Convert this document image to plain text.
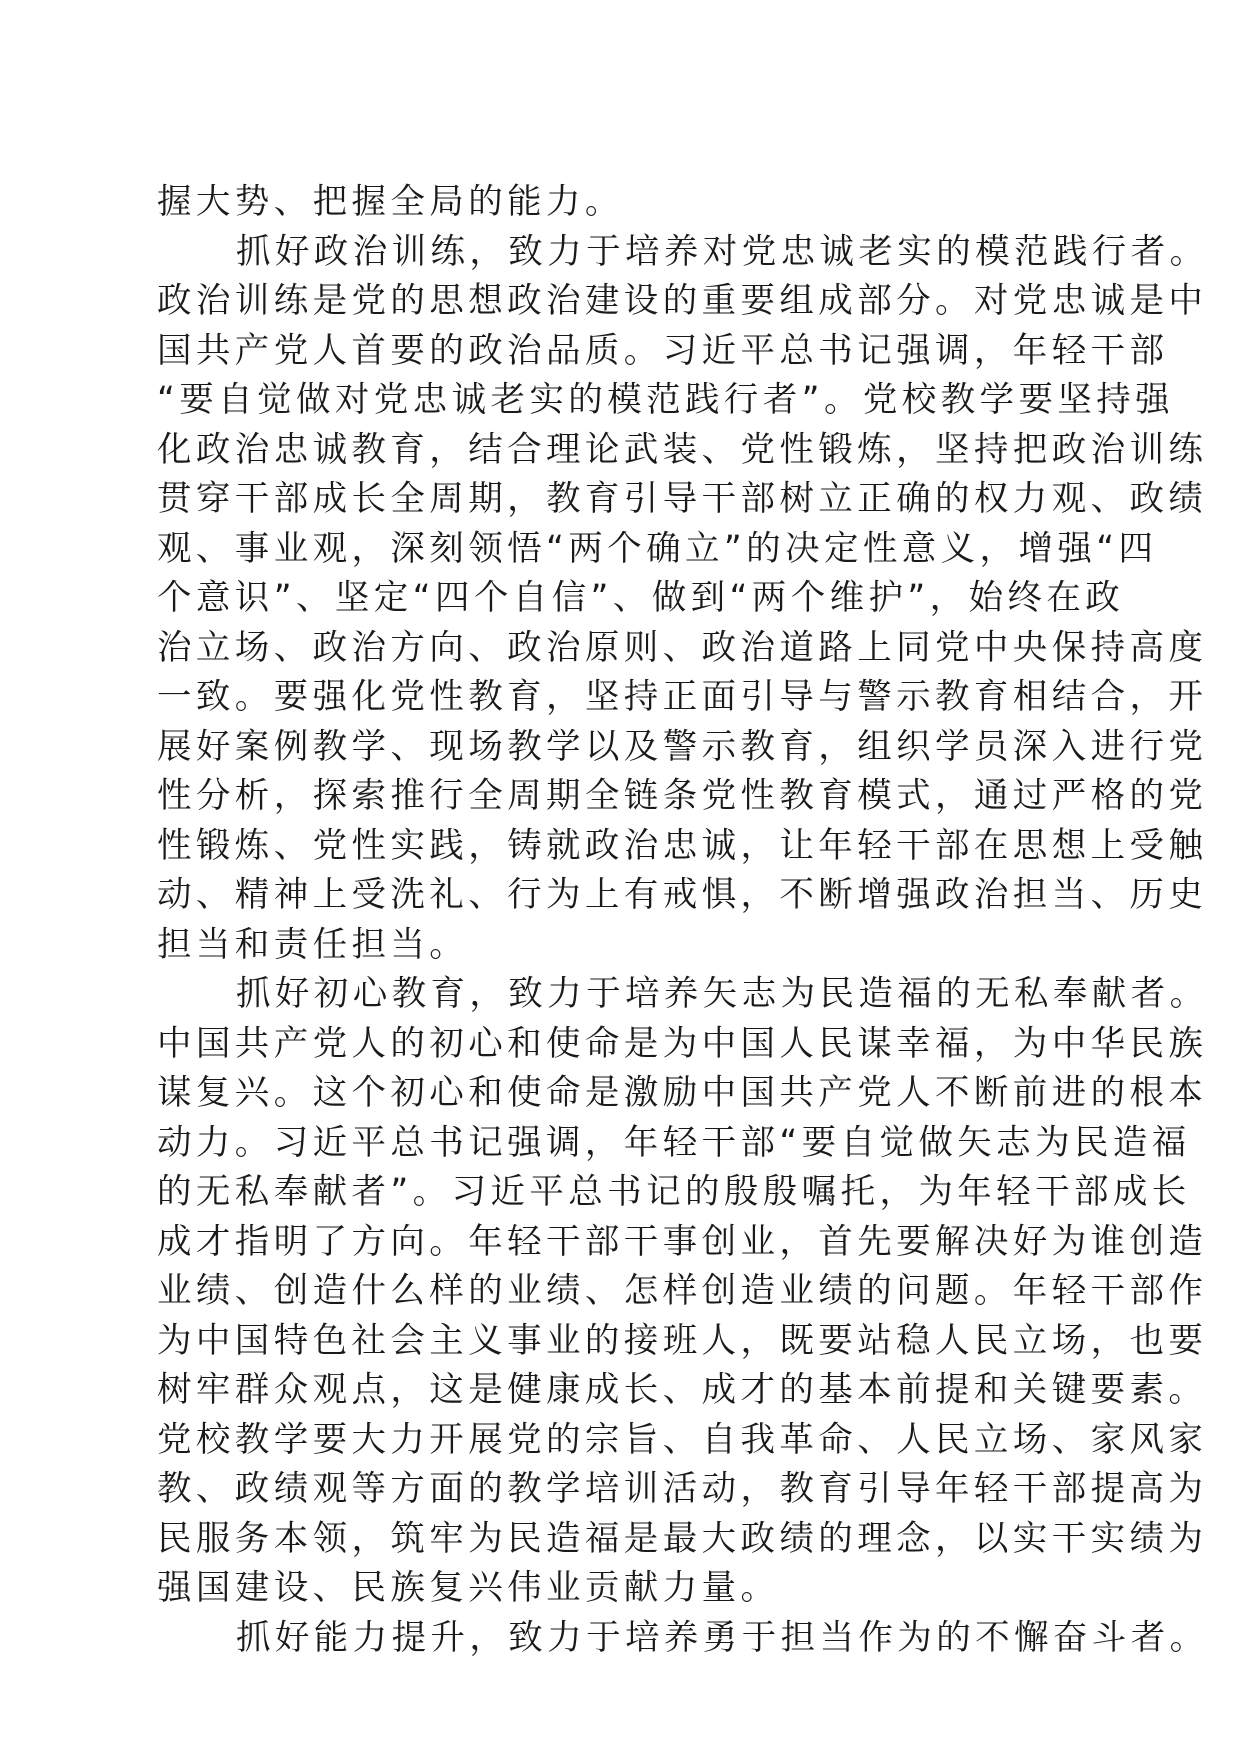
握大势、把握全局的能力。
抓好政治训练，致力于培养对党忠诚老实的模范践行者。
政治训练是党的思想政治建设的重要组成部分。对党忠诚是中
国共产党人首要的政治品质。习近平总书记强调，年轻干部
“要自觉做对党忠诚老实的模范践行者”。党校教学要坚持强
化政治忠诚教育，结合理论武装、党性锻炼，坚持把政治训练
贯穿干部成长全周期，教育引导干部树立正确的权力观、政绩
观、事业观，深刻领悟“两个确立”的决定性意义，增强“四
个意识”、坚定“四个自信”、做到“两个维护”，始终在政
治立场、政治方向、政治原则、政治道路上同党中央保持高度
一致。要强化党性教育，坚持正面引导与警示教育相结合，开
展好案例教学、现场教学以及警示教育，组织学员深入进行党
性分析，探索推行全周期全链条党性教育模式，通过严格的党
性锻炼、党性实践，铸就政治忠诚，让年轻干部在思想上受触
动、精神上受洗礼、行为上有戒惧，不断增强政治担当、历史
担当和责任担当。
抓好初心教育，致力于培养矢志为民造福的无私奉献者。
中国共产党人的初心和使命是为中国人民谋幸福，为中华民族
谋复兴。这个初心和使命是激励中国共产党人不断前进的根本
动力。习近平总书记强调，年轻干部“要自觉做矢志为民造福
的无私奉献者”。习近平总书记的殷殷嘱托，为年轻干部成长
成才指明了方向。年轻干部干事创业，首先要解决好为谁创造
业绩、创造什么样的业绩、怎样创造业绩的问题。年轻干部作
为中国特色社会主义事业的接班人，既要站稳人民立场，也要
树牢群众观点，这是健康成长、成才的基本前提和关键要素。
党校教学要大力开展党的宗旨、自我革命、人民立场、家风家
教、政绩观等方面的教学培训活动，教育引导年轻干部提高为
民服务本领，筑牢为民造福是最大政绩的理念，以实干实绩为
强国建设、民族复兴伟业贡献力量。
抓好能力提升，致力于培养勇于担当作为的不懈奋斗者。
